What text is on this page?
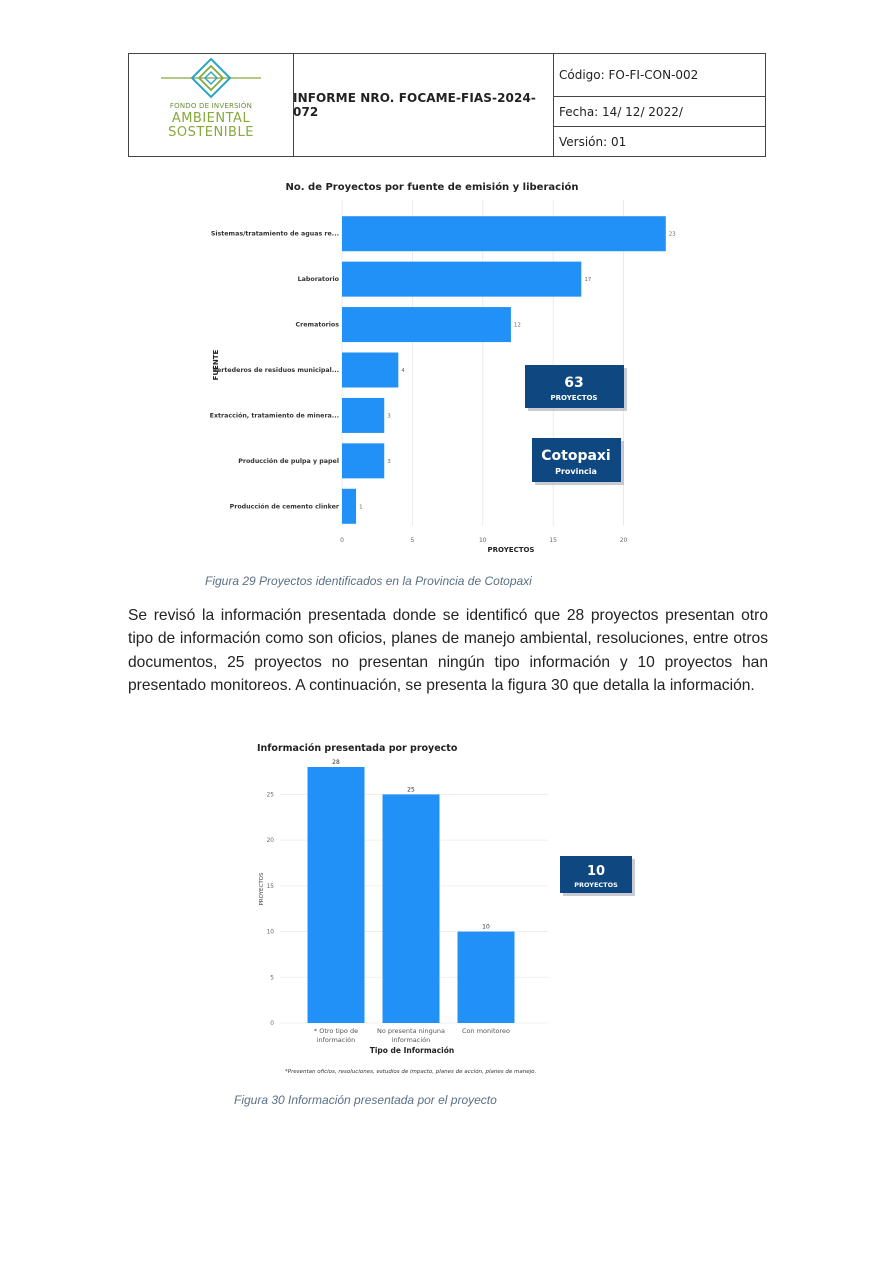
FONDO DE INVERSIÓN
AMBIENTAL
SOSTENIBLE
INFORME NRO. FOCAME-FIAS-2024-072
Código: FO-FI-CON-002
Fecha: 14/ 12/ 2022/
Versión: 01
No. de Proyectos por fuente de emisión y liberación
Sistemas/tratamiento de aguas re...	23
Laboratorio	17
Crematorios	12
Vertederos de residuos municipal...	4
Extracción, tratamiento de minera...	3
Producción de pulpa y papel	3
Producción de cemento clinker	1
0	5	10	15	20
PROYECTOS
FUENTE
63
PROYECTOS
Cotopaxi
Provincia
Figura 29 Proyectos identificados en la Provincia de Cotopaxi
Se revisó la información presentada donde se identificó que 28 proyectos presentan otro tipo de información como son oficios, planes de manejo ambiental, resoluciones, entre otros documentos, 25 proyectos no presentan ningún tipo información y 10 proyectos han presentado monitoreos. A continuación, se presenta la figura 30 que detalla la información.
Información presentada por proyecto
0
5
10
15
20
25
28
25
10
* Otro tipo de
información
No presenta ninguna
información
Con monitoreo
Tipo de Información
PROYECTOS
*Presentan oficios, resoluciones, estudios de impacto, planes de acción, planes de manejo.
10
PROYECTOS
Figura 30 Información presentada por el proyecto
